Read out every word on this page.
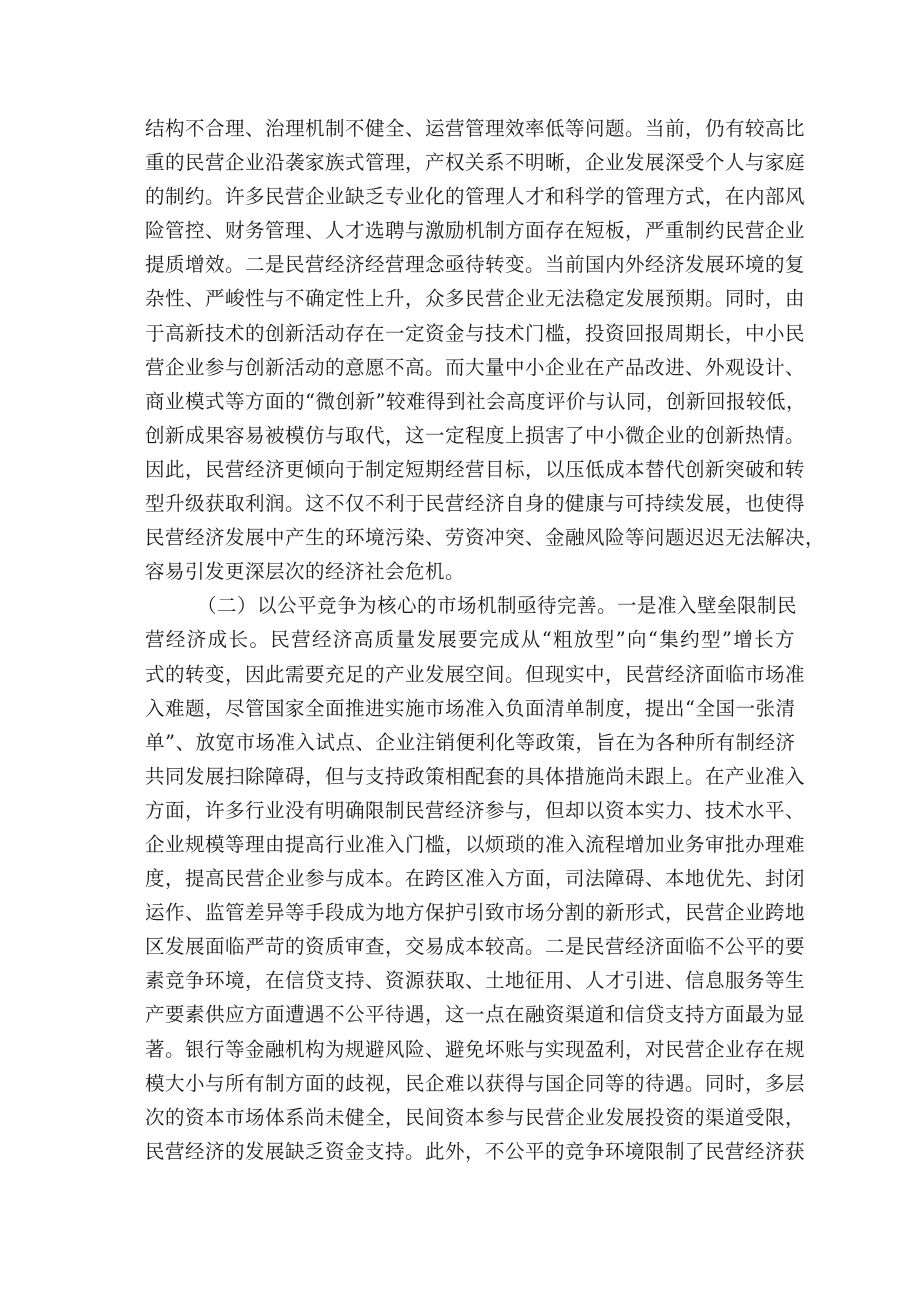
结构不合理、治理机制不健全、运营管理效率低等问题。当前，仍有较高比
重的民营企业沿袭家族式管理，产权关系不明晰，企业发展深受个人与家庭
的制约。许多民营企业缺乏专业化的管理人才和科学的管理方式，在内部风
险管控、财务管理、人才选聘与激励机制方面存在短板，严重制约民营企业
提质增效。二是民营经济经营理念亟待转变。当前国内外经济发展环境的复
杂性、严峻性与不确定性上升，众多民营企业无法稳定发展预期。同时，由
于高新技术的创新活动存在一定资金与技术门槛，投资回报周期长，中小民
营企业参与创新活动的意愿不高。而大量中小企业在产品改进、外观设计、
商业模式等方面的“微创新”较难得到社会高度评价与认同，创新回报较低，
创新成果容易被模仿与取代，这一定程度上损害了中小微企业的创新热情。
因此，民营经济更倾向于制定短期经营目标，以压低成本替代创新突破和转
型升级获取利润。这不仅不利于民营经济自身的健康与可持续发展，也使得
民营经济发展中产生的环境污染、劳资冲突、金融风险等问题迟迟无法解决，
容易引发更深层次的经济社会危机。
（二）以公平竞争为核心的市场机制亟待完善。一是准入壁垒限制民
营经济成长。民营经济高质量发展要完成从“粗放型”向“集约型”增长方
式的转变，因此需要充足的产业发展空间。但现实中，民营经济面临市场准
入难题，尽管国家全面推进实施市场准入负面清单制度，提出“全国一张清
单”、放宽市场准入试点、企业注销便利化等政策，旨在为各种所有制经济
共同发展扫除障碍，但与支持政策相配套的具体措施尚未跟上。在产业准入
方面，许多行业没有明确限制民营经济参与，但却以资本实力、技术水平、
企业规模等理由提高行业准入门槛，以烦琐的准入流程增加业务审批办理难
度，提高民营企业参与成本。在跨区准入方面，司法障碍、本地优先、封闭
运作、监管差异等手段成为地方保护引致市场分割的新形式，民营企业跨地
区发展面临严苛的资质审查，交易成本较高。二是民营经济面临不公平的要
素竞争环境，在信贷支持、资源获取、土地征用、人才引进、信息服务等生
产要素供应方面遭遇不公平待遇，这一点在融资渠道和信贷支持方面最为显
著。银行等金融机构为规避风险、避免坏账与实现盈利，对民营企业存在规
模大小与所有制方面的歧视，民企难以获得与国企同等的待遇。同时，多层
次的资本市场体系尚未健全，民间资本参与民营企业发展投资的渠道受限，
民营经济的发展缺乏资金支持。此外，不公平的竞争环境限制了民营经济获
